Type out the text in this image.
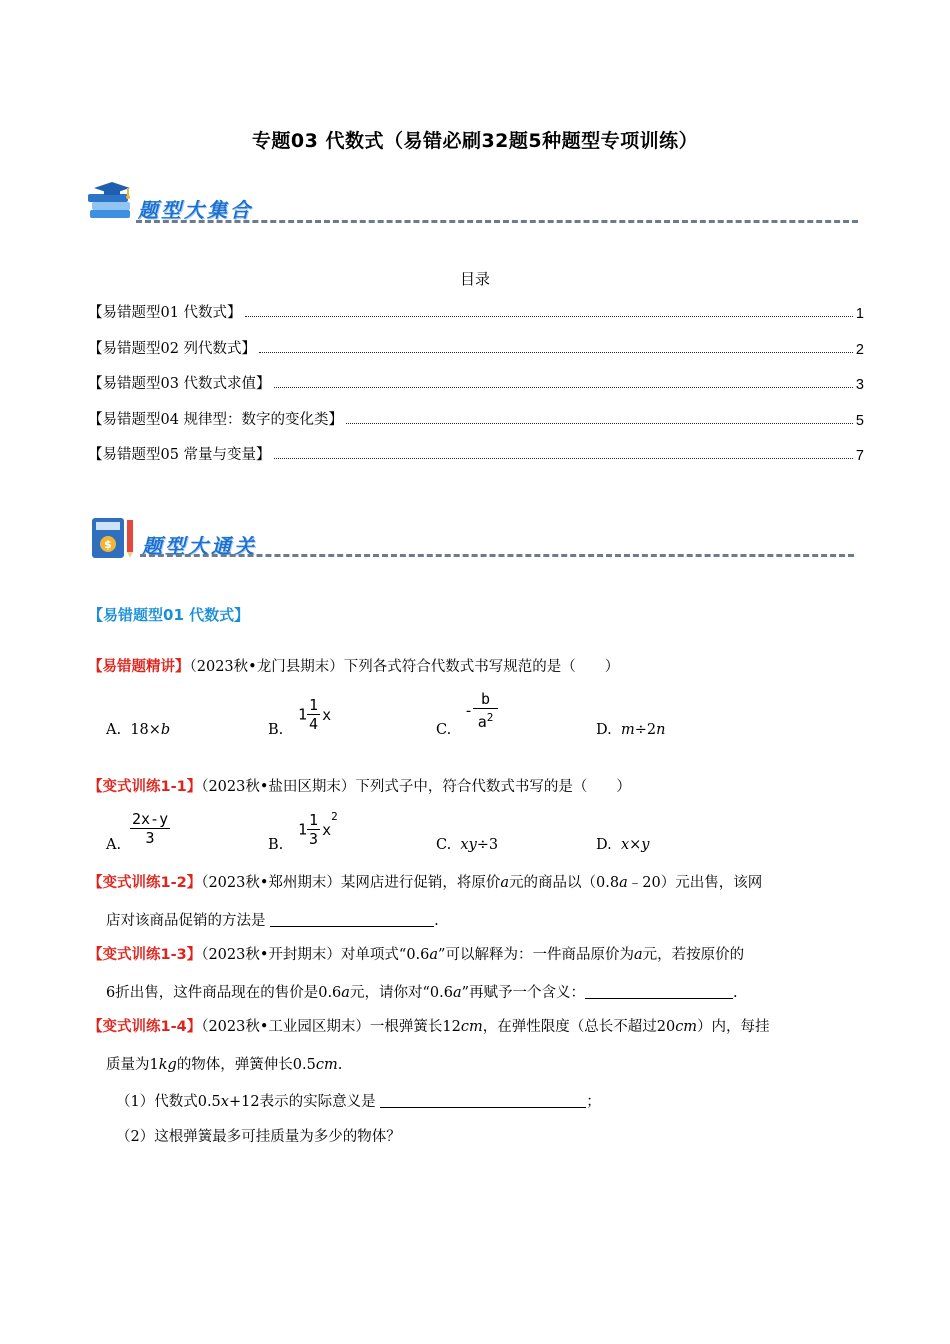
专题03 代数式（易错必刷32题5种题型专项训练）
题型大集合
目录
【易错题型01 代数式】	1
【易错题型02 列代数式】	2
【易错题型03 代数式求值】	3
【易错题型04 规律型：数字的变化类】	5
【易错题型05 常量与变量】	7
$ 题型大通关
【易错题型01 代数式】
【易错题精讲】（2023秋•龙门县期末）下列各式符合代数式书写规范的是（　　）
A. 18×b	B.
$1 \frac{1}{4}$ x
C.
- $\frac{b}{a^2}$	D. m÷2n
【变式训练1-1】（2023秋•盐田区期末）下列式子中，符合代数式书写的是（　　）
A. $\frac{2x-y}{3}$	B.
$1 \frac{1}{3} x^2$
C. xy÷3	D. x×y
【变式训练1-2】（2023秋•郑州期末）某网店进行促销，将原价a元的商品以（0.8a﹣20）元出售，该网
店对该商品促销的方法是	.
【变式训练1-3】（2023秋•开封期末）对单项式“0.6a”可以解释为：一件商品原价为a元，若按原价的
6折出售，这件商品现在的售价是0.6a元，请你对“0.6a”再赋予一个含义：	.
【变式训练1-4】（2023秋•工业园区期末）一根弹簧长12cm，在弹性限度（总长不超过20cm）内，每挂
质量为1kg的物体，弹簧伸长0.5cm.
（1）代数式0.5x+12表示的实际意义是	；
（2）这根弹簧最多可挂质量为多少的物体？
